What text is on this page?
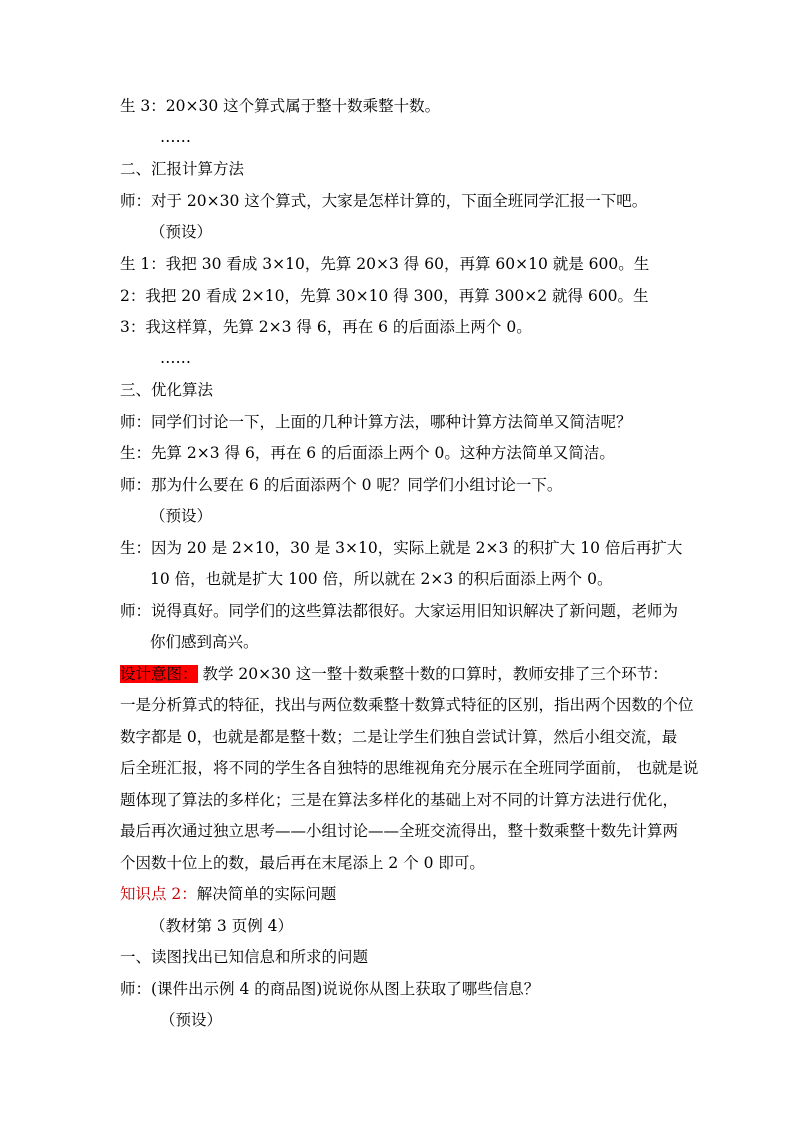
生 3：20×30 这个算式属于整十数乘整十数。
……
二、汇报计算方法
师：对于 20×30 这个算式，大家是怎样计算的，下面全班同学汇报一下吧。
（预设）
生 1：我把 30 看成 3×10，先算 20×3 得 60，再算 60×10 就是 600。生
2：我把 20 看成 2×10，先算 30×10 得 300，再算 300×2 就得 600。生
3：我这样算，先算 2×3 得 6，再在 6 的后面添上两个 0。
……
三、优化算法
师：同学们讨论一下，上面的几种计算方法，哪种计算方法简单又简洁呢？
生：先算 2×3 得 6，再在 6 的后面添上两个 0。这种方法简单又简洁。
师：那为什么要在 6 的后面添两个 0 呢？同学们小组讨论一下。
（预设）
生：因为 20 是 2×10，30 是 3×10，实际上就是 2×3 的积扩大 10 倍后再扩大
10 倍，也就是扩大 100 倍，所以就在 2×3 的积后面添上两个 0。
师：说得真好。同学们的这些算法都很好。大家运用旧知识解决了新问题，老师为
你们感到高兴。
设计意图： 教学 20×30 这一整十数乘整十数的口算时，教师安排了三个环节：
一是分析算式的特征，找出与两位数乘整十数算式特征的区别，指出两个因数的个位
数字都是 0，也就是都是整十数；二是让学生们独自尝试计算，然后小组交流，最
后全班汇报，将不同的学生各自独特的思维视角充分展示在全班同学面前， 也就是说
题体现了算法的多样化；三是在算法多样化的基础上对不同的计算方法进行优化，
最后再次通过独立思考——小组讨论——全班交流得出，整十数乘整十数先计算两
个因数十位上的数，最后再在末尾添上 2 个 0 即可。
知识点 2：解决简单的实际问题
（教材第 3 页例 4）
一、读图找出已知信息和所求的问题
师：(课件出示例 4 的商品图)说说你从图上获取了哪些信息？
（预设）
